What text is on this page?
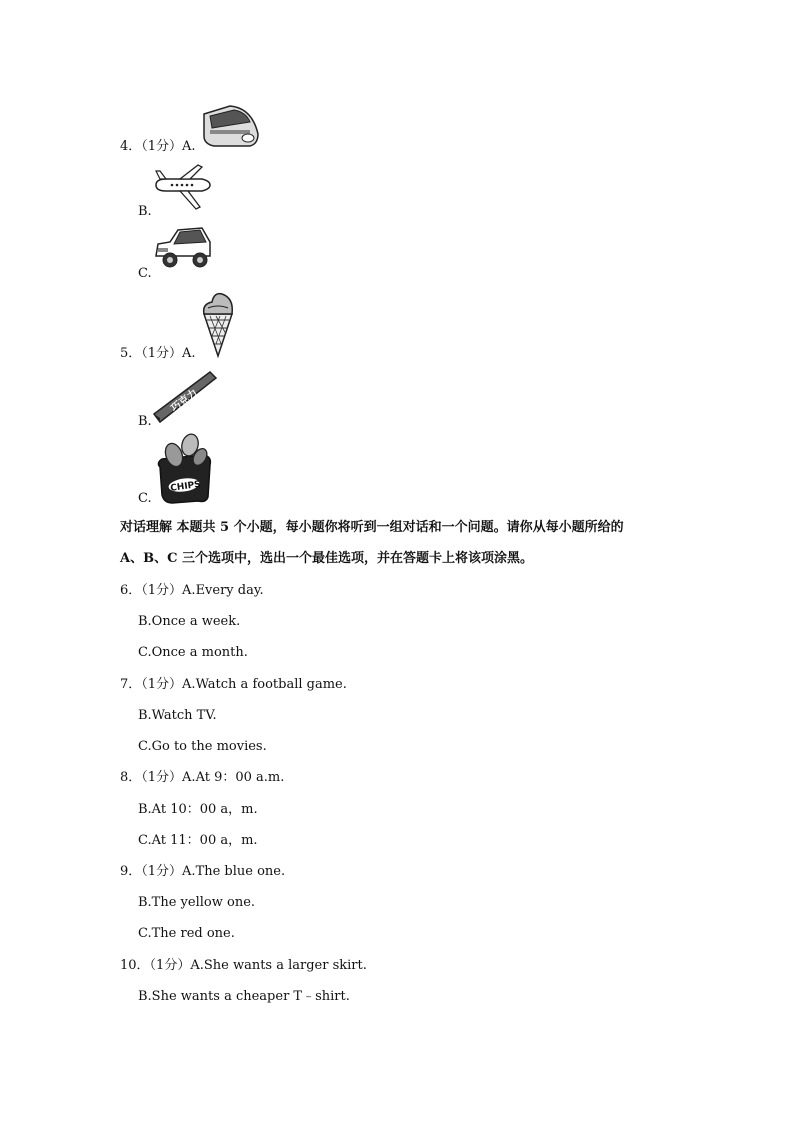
4．（1分）A.
B.
C.
5．（1分）A.
B.
巧克力
C.
CHIPS
对话理解 本题共 5 个小题，每小题你将听到一组对话和一个问题。请你从每小题所给的
A、B、C 三个选项中，选出一个最佳选项，并在答题卡上将该项涂黑。
6．（1分）A.Every day.
B.Once a week.
C.Once a month.
7．（1分）A.Watch a football game.
B.Watch TV.
C.Go to the movies.
8．（1分）A.At 9：00 a.m.
B.At 10：00 a，m.
C.At 11：00 a，m.
9．（1分）A.The blue one.
B.The yellow one.
C.The red one.
10．（1分）A.She wants a larger skirt.
B.She wants a cheaper T﹣shirt.
